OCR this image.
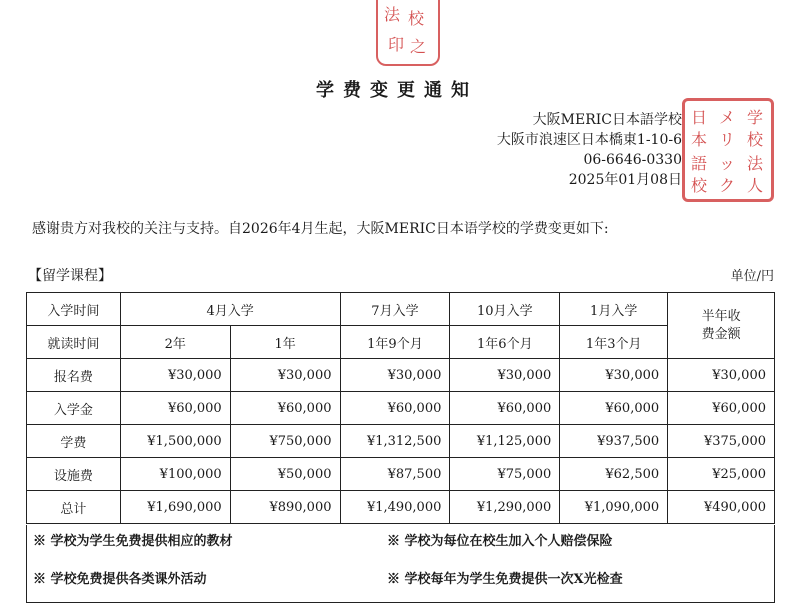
法 校
印 之
学费变更通知
大阪MERIC日本語学校
大阪市浪速区日本橋東1-10-6
06-6646-0330
2025年01月08日
学
校
法
人
メ
リ
ッ
ク
日
本
語
校
感谢贵方对我校的关注与支持。自2026年4月生起，大阪MERIC日本语学校的学费变更如下:
【留学课程】	单位/円
入学时间	4月入学		7月入学	10月入学	1月入学	半年收
费金额
就读时间	2年	1年	1年9个月	1年6个月	1年3个月	
报名费	¥30,000	¥30,000	¥30,000	¥30,000	¥30,000	¥30,000
入学金	¥60,000	¥60,000	¥60,000	¥60,000	¥60,000	¥60,000
学费	¥1,500,000	¥750,000	¥1,312,500	¥1,125,000	¥937,500	¥375,000
设施费	¥100,000	¥50,000	¥87,500	¥75,000	¥62,500	¥25,000
总计	¥1,690,000	¥890,000	¥1,490,000	¥1,290,000	¥1,090,000	¥490,000
※ 学校为学生免费提供相应的教材	※ 学校为每位在校生加入个人赔偿保险
※ 学校免费提供各类课外活动	※ 学校每年为学生免费提供一次X光检查
